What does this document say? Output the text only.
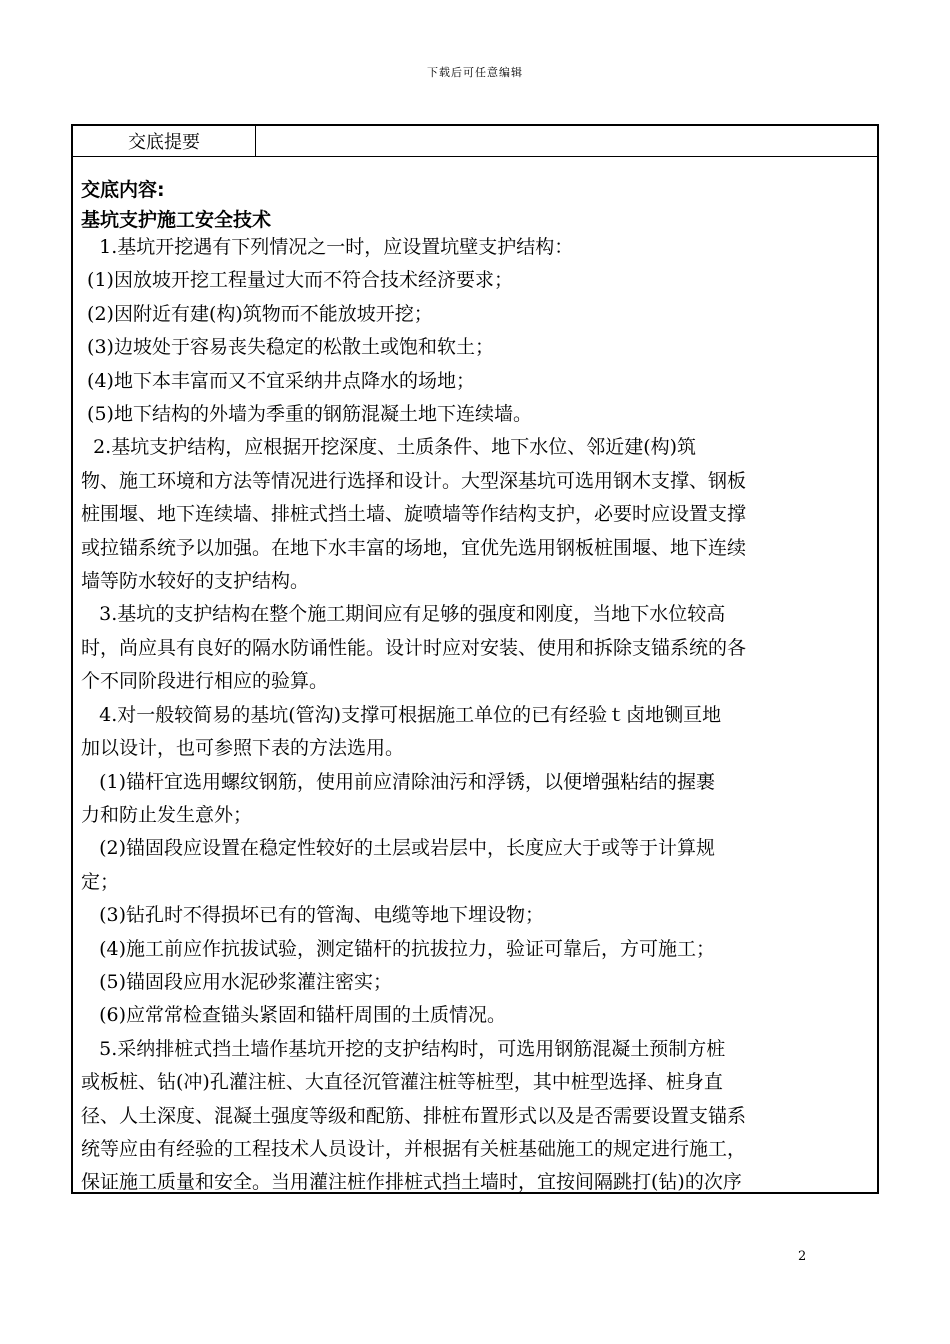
下载后可任意编辑
交底提要
交底内容:
基坑支护施工安全技术

1.基坑开挖遇有下列情况之一时，应设置坑壁支护结构：

(1)因放坡开挖工程量过大而不符合技术经济要求；

(2)因附近有建(构)筑物而不能放坡开挖；

(3)边坡处于容易丧失稳定的松散土或饱和软土；

(4)地下本丰富而又不宜采纳井点降水的场地；

(5)地下结构的外墙为季重的钢筋混凝土地下连续墙。

2.基坑支护结构，应根据开挖深度、土质条件、地下水位、邻近建(构)筑

物、施工环境和方法等情况进行选择和设计。大型深基坑可选用钢木支撑、钢板

桩围堰、地下连续墙、排桩式挡土墙、旋喷墙等作结构支护，必要时应设置支撑

或拉锚系统予以加强。在地下水丰富的场地，宜优先选用钢板桩围堰、地下连续

墙等防水较好的支护结构。

3.基坑的支护结构在整个施工期间应有足够的强度和刚度，当地下水位较高

时，尚应具有良好的隔水防诵性能。设计时应对安装、使用和拆除支锚系统的各

个不同阶段进行相应的验算。

4.对一般较简易的基坑(管沟)支撑可根据施工单位的已有经验ｔ卤地铡亘地

加以设计，也可参照下表的方法选用。

(1)锚杆宜选用螺纹钢筋，使用前应清除油污和浮锈，以便增强粘结的握裹

力和防止发生意外；

(2)锚固段应设置在稳定性较好的土层或岩层中，长度应大于或等于计算规

定；

(3)钻孔时不得损坏已有的管淘、电缆等地下埋设物；

(4)施工前应作抗拔试验，测定锚杆的抗拔拉力，验证可靠后，方可施工；

(5)锚固段应用水泥砂浆灌注密实；

(6)应常常检查锚头紧固和锚杆周围的土质情况。

5.采纳排桩式挡土墙作基坑开挖的支护结构时，可选用钢筋混凝土预制方桩

或板桩、钻(冲)孔灌注桩、大直径沉管灌注桩等桩型，其中桩型选择、桩身直

径、人土深度、混凝土强度等级和配筋、排桩布置形式以及是否需要设置支锚系

统等应由有经验的工程技术人员设计，并根据有关桩基础施工的规定进行施工，

保证施工质量和安全。当用灌注桩作排桩式挡土墙时，宜按间隔跳打(钻)的次序

2
